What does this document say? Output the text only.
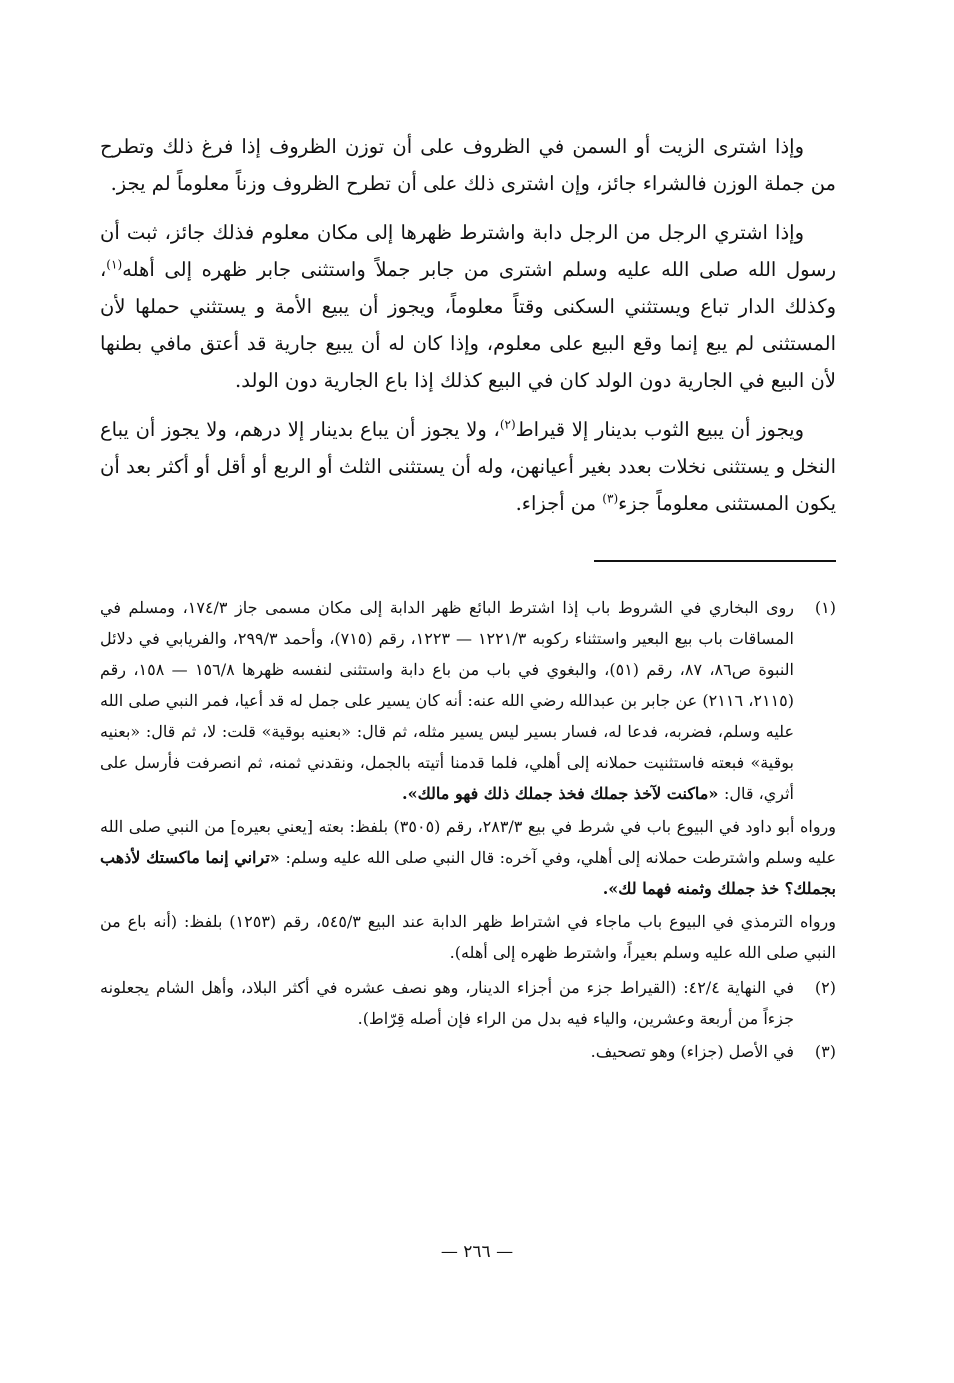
وإذا اشترى الزيت أو السمن في الظروف على أن توزن الظروف إذا فرغ ذلك وتطرح من جملة الوزن فالشراء جائز، وإن اشترى ذلك على أن تطرح الظروف وزناً معلوماً لم يجز.

وإذا اشتري الرجل من الرجل دابة واشترط ظهرها إلى مكان معلوم فذلك جائز، ثبت أن رسول الله صلى الله عليه وسلم اشترى من جابر جملاً واستثنى جابر ظهره إلى أهله$^{(١)}$، وكذلك الدار تباع ويستثني السكنى وقتاً معلوماً، ويجوز أن يبيع الأمة و يستثني حملها لأن المستثنى لم يبع إنما وقع البيع على معلوم، وإذا كان له أن يبيع جارية قد أعتق مافي بطنها لأن البيع في الجارية دون الولد كان في البيع كذلك إذا باع الجارية دون الولد.

ويجوز أن يبيع الثوب بدينار إلا قيراط$^{(٢)}$، ولا يجوز أن يباع بدينار إلا درهم، ولا يجوز أن يباع النخل و يستثنى نخلات بعدد بغير أعيانهن، وله أن يستثنى الثلث أو الربع أو أقل أو أكثر بعد أن يكون المستثنى معلوماً جزء$^{(٣)}$ من أجزاء.

(١)

روى البخاري في الشروط باب إذا اشترط البائع ظهر الدابة إلى مكان مسمى جاز ١٧٤/٣، ومسلم في المساقات باب بيع البعير واستثناء ركوبه ١٢٢١/٣ — ١٢٢٣، رقم (٧١٥)، وأحمد ٢٩٩/٣، والفريابي في دلائل النبوة ص٨٦، ٨٧، رقم (٥١)، والبغوي في باب من باع دابة واستثنى لنفسه ظهرها ١٥٦/٨ — ١٥٨، رقم (٢١١٥، ٢١١٦) عن جابر بن عبدالله رضي الله عنه: أنه كان يسير على جمل له قد أعيا، فمر النبي صلى الله عليه وسلم، فضربه، فدعا له، فسار بسير ليس يسير مثله، ثم قال: «بعنيه بوقية» قلت: لا، ثم قال: «بعنيه بوقية» فبعته فاستثنيت حملانه إلى أهلي، فلما قدمنا أتيته بالجمل، ونقدني ثمنه، ثم انصرفت فأرسل على أثري، قال: «ماكنت لآخذ جملك فخذ جملك ذلك فهو مالك».

ورواه أبو داود في البيوع باب في شرط في بيع ٢٨٣/٣، رقم (٣٥٠٥) بلفظ: بعته [يعني بعيره] من النبي صلى الله عليه وسلم واشترطت حملانه إلى أهلي، وفي آخره: قال النبي صلى الله عليه وسلم: «تراني إنما ماكستك لأذهب بجملك؟ خذ جملك وثمنه فهما لك».

ورواه الترمذي في البيوع باب ماجاء في اشتراط ظهر الدابة عند البيع ٥٤٥/٣، رقم (١٢٥٣) بلفظ: (أنه باع من النبي صلى الله عليه وسلم بعيراً، واشترط ظهره إلى أهله).

(٢)
في النهاية ٤٢/٤: (القيراط جزء من أجزاء الدينار، وهو نصف عشره في أكثر البلاد، وأهل الشام يجعلونه جزءاً من أربعة وعشرين، والياء فيه بدل من الراء فإن أصله قِرّاط).
(٣)
في الأصل (جزاء) وهو تصحيف.
— ٢٦٦ —
